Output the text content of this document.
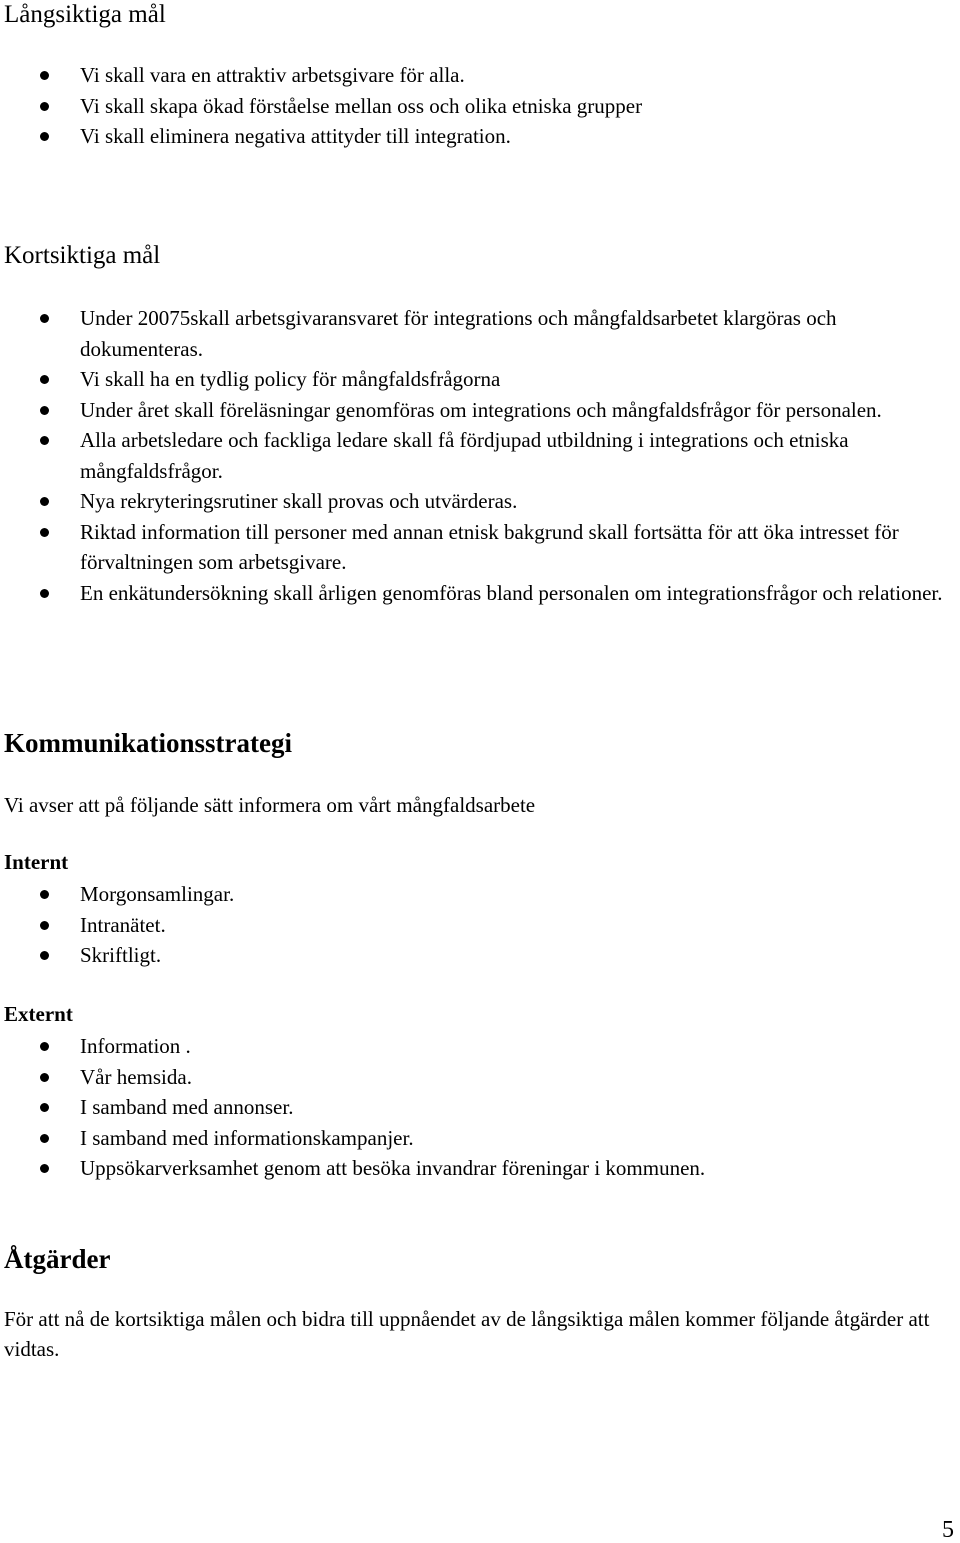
Långsiktiga mål
Vi skall vara en attraktiv arbetsgivare för alla.
Vi skall skapa ökad förståelse mellan oss och olika etniska grupper
Vi skall eliminera negativa attityder till integration.
Kortsiktiga mål
Under 20075skall arbetsgivaransvaret för integrations och mångfaldsarbetet klargöras och dokumenteras.
Vi skall ha en tydlig policy för mångfaldsfrågorna
Under året skall föreläsningar genomföras om integrations och mångfaldsfrågor för personalen.
Alla arbetsledare och fackliga ledare skall få fördjupad utbildning i integrations och etniska mångfaldsfrågor.
Nya rekryteringsrutiner skall provas och utvärderas.
Riktad information till personer med annan etnisk bakgrund skall fortsätta för att öka intresset för förvaltningen som arbetsgivare.
En enkätundersökning skall årligen genomföras bland personalen om integrationsfrågor och relationer.
Kommunikationsstrategi

Vi avser att på följande sätt informera om vårt mångfaldsarbete

Internt
Morgonsamlingar.
Intranätet.
Skriftligt.
Externt
Information .
Vår hemsida.
I samband med annonser.
I samband med informationskampanjer.
Uppsökarverksamhet genom att besöka invandrar föreningar i kommunen.
Åtgärder

För att nå de kortsiktiga målen och bidra till uppnåendet av de långsiktiga målen kommer följande åtgärder att vidtas.

5
